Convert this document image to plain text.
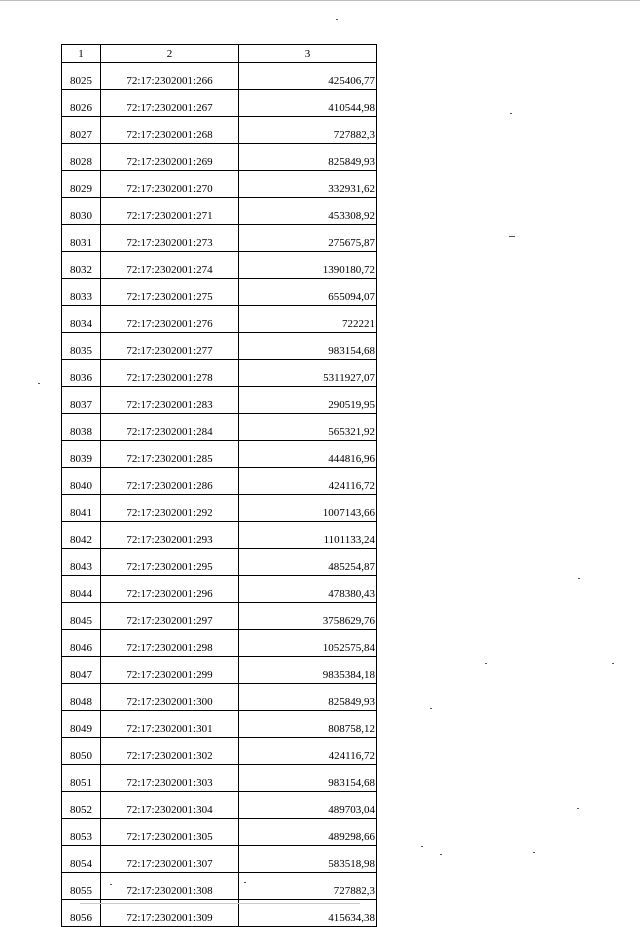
1	2	3
8025	72:17:2302001:266	425406,77
8026	72:17:2302001:267	410544,98
8027	72:17:2302001:268	727882,3
8028	72:17:2302001:269	825849,93
8029	72:17:2302001:270	332931,62
8030	72:17:2302001:271	453308,92
8031	72:17:2302001:273	275675,87
8032	72:17:2302001:274	1390180,72
8033	72:17:2302001:275	655094,07
8034	72:17:2302001:276	722221
8035	72:17:2302001:277	983154,68
8036	72:17:2302001:278	5311927,07
8037	72:17:2302001:283	290519,95
8038	72:17:2302001:284	565321,92
8039	72:17:2302001:285	444816,96
8040	72:17:2302001:286	424116,72
8041	72:17:2302001:292	1007143,66
8042	72:17:2302001:293	1101133,24
8043	72:17:2302001:295	485254,87
8044	72:17:2302001:296	478380,43
8045	72:17:2302001:297	3758629,76
8046	72:17:2302001:298	1052575,84
8047	72:17:2302001:299	9835384,18
8048	72:17:2302001:300	825849,93
8049	72:17:2302001:301	808758,12
8050	72:17:2302001:302	424116,72
8051	72:17:2302001:303	983154,68
8052	72:17:2302001:304	489703,04
8053	72:17:2302001:305	489298,66
8054	72:17:2302001:307	583518,98
8055	72:17:2302001:308	727882,3
8056	72:17:2302001:309	415634,38
